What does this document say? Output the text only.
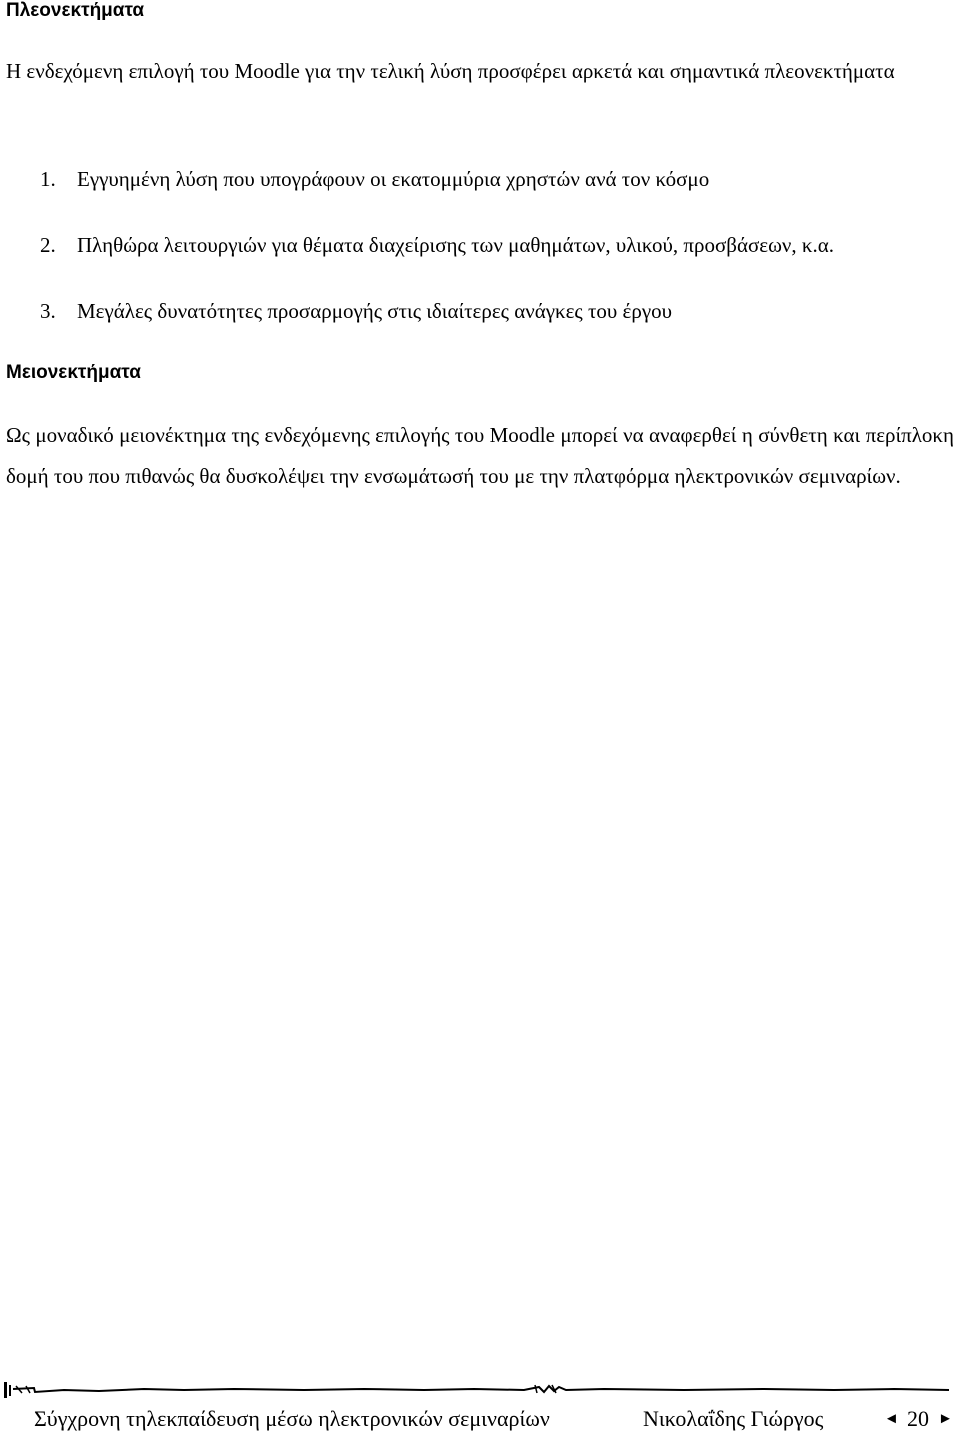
Πλεονεκτήματα

Η ενδεχόμενη επιλογή του Moodle για την τελική λύση προσφέρει αρκετά και σημαντικά πλεονεκτήματα

1. Εγγυημένη λύση που υπογράφουν οι εκατομμύρια χρηστών ανά τον κόσμο
2. Πληθώρα λειτουργιών για θέματα διαχείρισης των μαθημάτων, υλικού, προσβάσεων, κ.α.
3. Μεγάλες δυνατότητες προσαρμογής στις ιδιαίτερες ανάγκες του έργου
Μειονεκτήματα

Ως μοναδικό μειονέκτημα της ενδεχόμενης επιλογής του Moodle μπορεί να αναφερθεί η σύνθετη και περίπλοκη δομή του που πιθανώς θα δυσκολέψει την ενσωμάτωσή του με την πλατφόρμα ηλεκτρονικών σεμιναρίων.

Σύγχρονη τηλεκπαίδευση μέσω ηλεκτρονικών σεμιναρίων	Νικολαΐδης Γιώργος	◄ 20 ►
